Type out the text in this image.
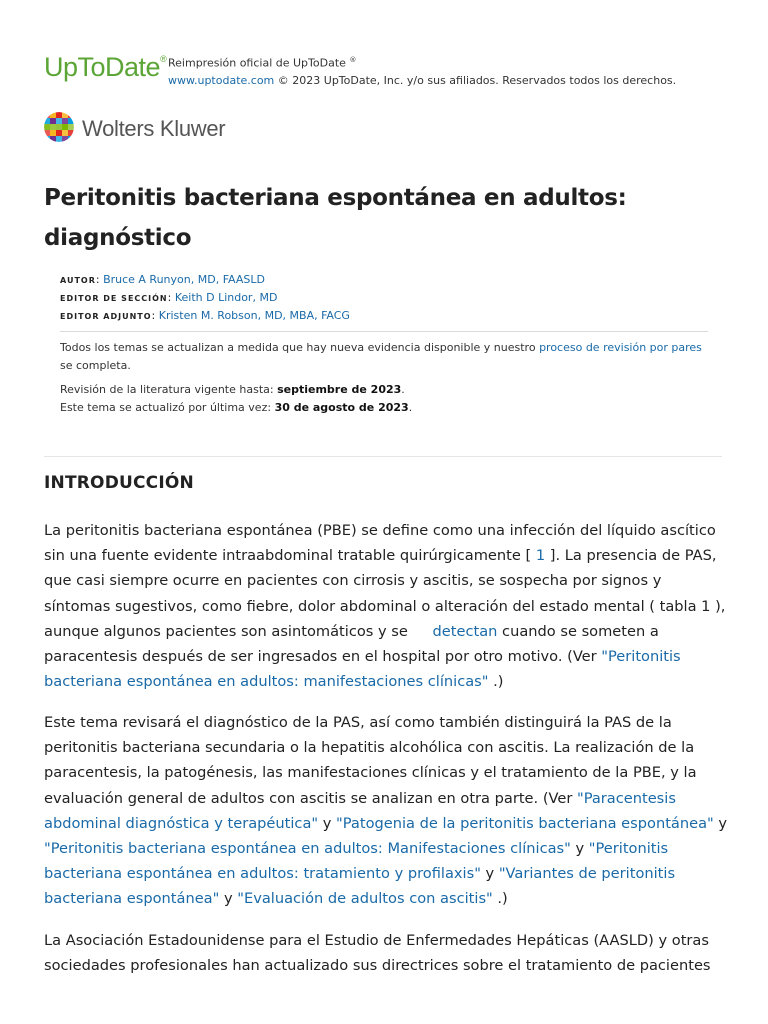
UpToDate® Reimpresión oficial de UpToDate ®
www.uptodate.com © 2023 UpToDate, Inc. y/o sus afiliados. Reservados todos los derechos.
Wolters Kluwer
Peritonitis bacteriana espontánea en adultos: diagnóstico
AUTOR: Bruce A Runyon, MD, FAASLD
EDITOR DE SECCIÓN: Keith D Lindor, MD
EDITOR ADJUNTO: Kristen M. Robson, MD, MBA, FACG
Todos los temas se actualizan a medida que hay nueva evidencia disponible y nuestro proceso de revisión por pares se completa.
Revisión de la literatura vigente hasta: septiembre de 2023.
Este tema se actualizó por última vez: 30 de agosto de 2023.
INTRODUCCIÓN

La peritonitis bacteriana espontánea (PBE) se define como una infección del líquido ascítico sin una fuente evidente intraabdominal tratable quirúrgicamente [ 1 ]. La presencia de PAS, que casi siempre ocurre en pacientes con cirrosis y ascitis, se sospecha por signos y síntomas sugestivos, como fiebre, dolor abdominal o alteración del estado mental ( tabla 1 ), aunque algunos pacientes son asintomáticos y se detectan cuando se someten a paracentesis después de ser ingresados en el hospital por otro motivo. (Ver "Peritonitis bacteriana espontánea en adultos: manifestaciones clínicas" .)

Este tema revisará el diagnóstico de la PAS, así como también distinguirá la PAS de la peritonitis bacteriana secundaria o la hepatitis alcohólica con ascitis. La realización de la paracentesis, la patogénesis, las manifestaciones clínicas y el tratamiento de la PBE, y la evaluación general de adultos con ascitis se analizan en otra parte. (Ver "Paracentesis abdominal diagnóstica y terapéutica" y "Patogenia de la peritonitis bacteriana espontánea" y "Peritonitis bacteriana espontánea en adultos: Manifestaciones clínicas" y "Peritonitis bacteriana espontánea en adultos: tratamiento y profilaxis" y "Variantes de peritonitis bacteriana espontánea" y "Evaluación de adultos con ascitis" .)

La Asociación Estadounidense para el Estudio de Enfermedades Hepáticas (AASLD) y otras sociedades profesionales han actualizado sus directrices sobre el tratamiento de pacientes
